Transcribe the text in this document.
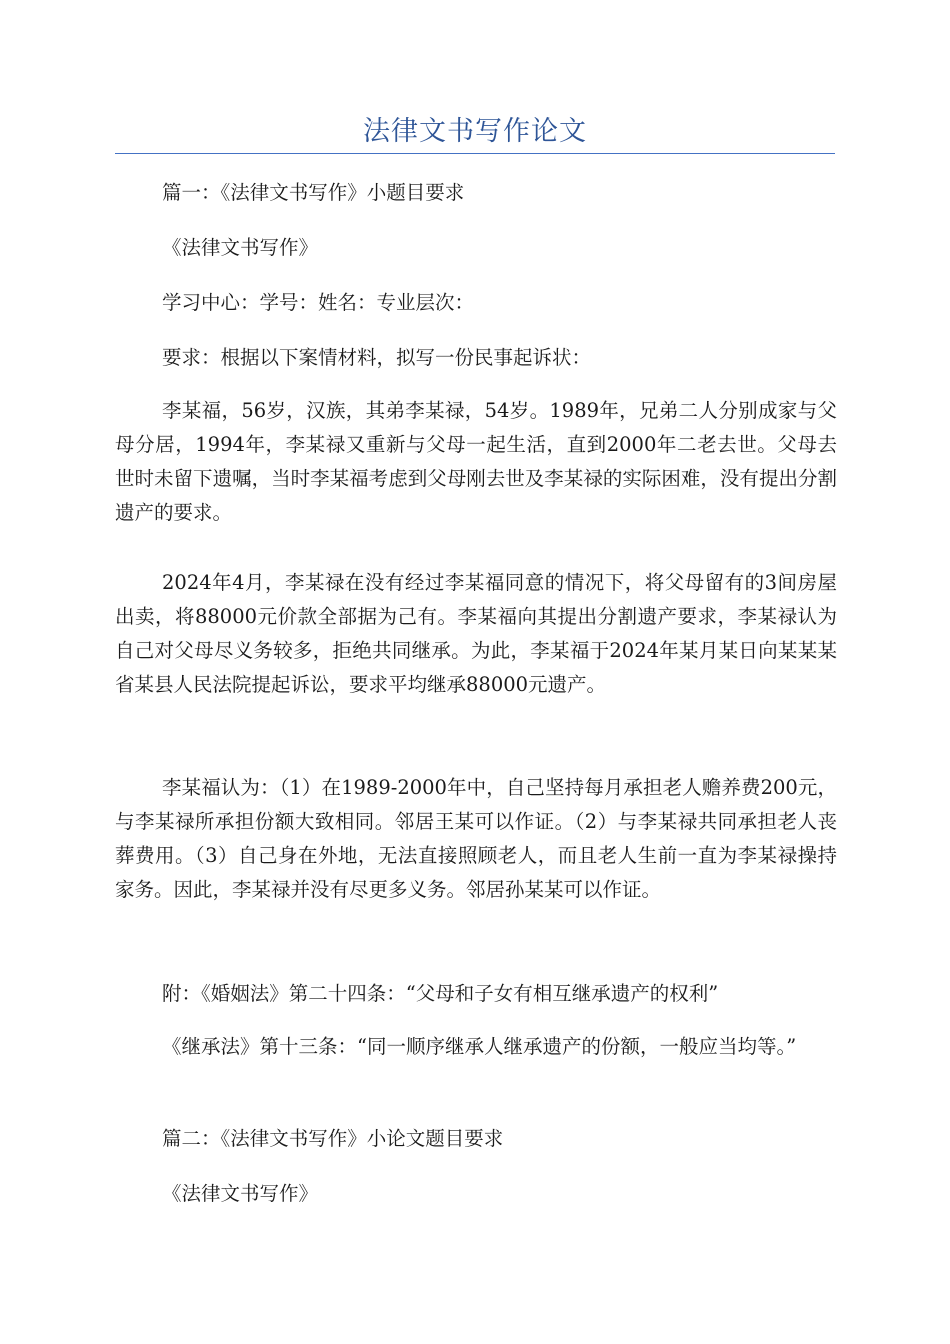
法律文书写作论文

篇一：《法律文书写作》小题目要求

《法律文书写作》

学习中心：学号：姓名：专业层次：

要求：根据以下案情材料，拟写一份民事起诉状：

李某福，56岁，汉族，其弟李某禄，54岁。1989年，兄弟二人分别成家与父母分居，1994年，李某禄又重新与父母一起生活，直到2000年二老去世。父母去世时未留下遗嘱，当时李某福考虑到父母刚去世及李某禄的实际困难，没有提出分割遗产的要求。

2024年4月，李某禄在没有经过李某福同意的情况下，将父母留有的3间房屋出卖，将88000元价款全部据为己有。李某福向其提出分割遗产要求，李某禄认为自己对父母尽义务较多，拒绝共同继承。为此，李某福于2024年某月某日向某某某省某县人民法院提起诉讼，要求平均继承88000元遗产。

李某福认为：（1）在1989-2000年中，自己坚持每月承担老人赡养费200元，与李某禄所承担份额大致相同。邻居王某可以作证。（2）与李某禄共同承担老人丧葬费用。（3）自己身在外地，无法直接照顾老人，而且老人生前一直为李某禄操持家务。因此，李某禄并没有尽更多义务。邻居孙某某可以作证。

附：《婚姻法》第二十四条：“父母和子女有相互继承遗产的权利”

《继承法》第十三条：“同一顺序继承人继承遗产的份额，一般应当均等。”

篇二：《法律文书写作》小论文题目要求

《法律文书写作》
